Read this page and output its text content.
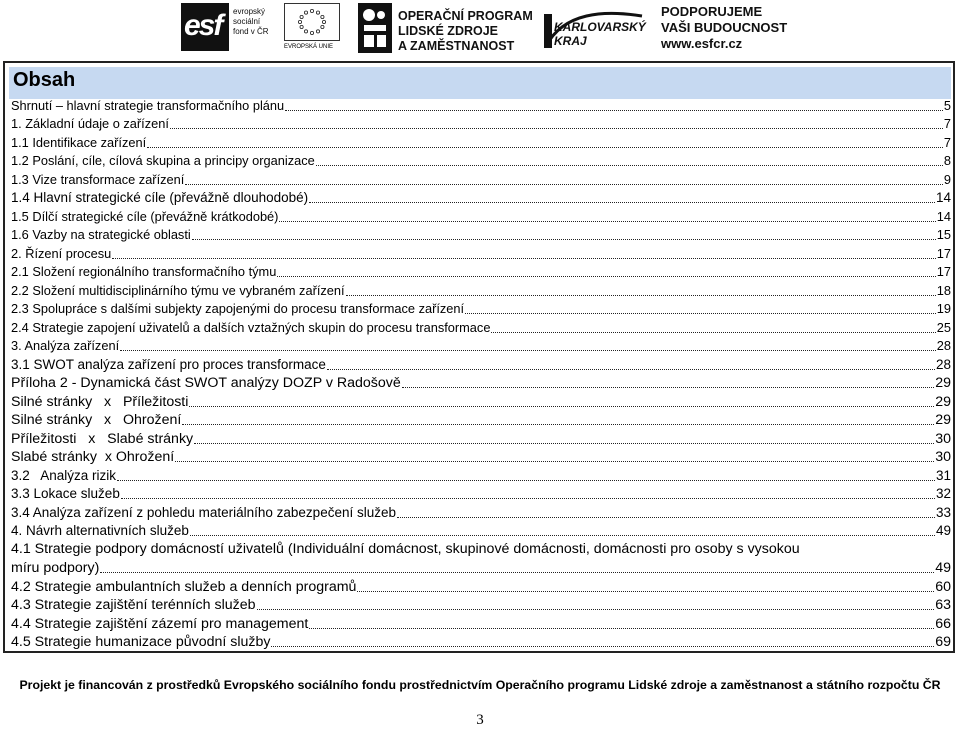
esf evropský
sociální
fond v ČR
EVROPSKÁ UNIE
OPERAČNÍ PROGRAM
LIDSKÉ ZDROJE
A ZAMĚSTNANOST
KARLOVARSKÝ
KRAJ
PODPORUJEME
VAŠI BUDOUCNOST
www.esfcr.cz
Obsah
Shrnutí – hlavní strategie transformačního plánu	5
1. Základní údaje o zařízení	7
1.1 Identifikace zařízení	7
1.2 Poslání, cíle, cílová skupina a principy organizace	8
1.3 Vize transformace zařízení	9
1.4 Hlavní strategické cíle (převážně dlouhodobé)	14
1.5 Dílčí strategické cíle (převážně krátkodobé)	14
1.6 Vazby na strategické oblasti	15
2. Řízení procesu	17
2.1 Složení regionálního transformačního týmu	17
2.2 Složení multidisciplinárního týmu ve vybraném zařízení	18
2.3 Spolupráce s dalšími subjekty zapojenými do procesu transformace zařízení	19
2.4 Strategie zapojení uživatelů a dalších vztažných skupin do procesu transformace	25
3. Analýza zařízení	28
3.1 SWOT analýza zařízení pro proces transformace	28
Příloha 2 - Dynamická část SWOT analýzy DOZP v Radošově	29
Silné stránky   x   Příležitosti	29
Silné stránky   x   Ohrožení	29
Příležitosti   x   Slabé stránky	30
Slabé stránky  x Ohrožení	30
3.2   Analýza rizik	31
3.3 Lokace služeb	32
3.4 Analýza zařízení z pohledu materiálního zabezpečení služeb	33
4. Návrh alternativních služeb	49
4.1 Strategie podpory domácností uživatelů (Individuální domácnost, skupinové domácnosti, domácnosti pro osoby s vysokou
míru podpory)	49
4.2 Strategie ambulantních služeb a denních programů	60
4.3 Strategie zajištění terénních služeb	63
4.4 Strategie zajištění zázemí pro management	66
4.5 Strategie humanizace původní služby	69
Projekt je financován z prostředků Evropského sociálního fondu prostřednictvím Operačního programu Lidské zdroje a zaměstnanost a státního rozpočtu ČR
3
